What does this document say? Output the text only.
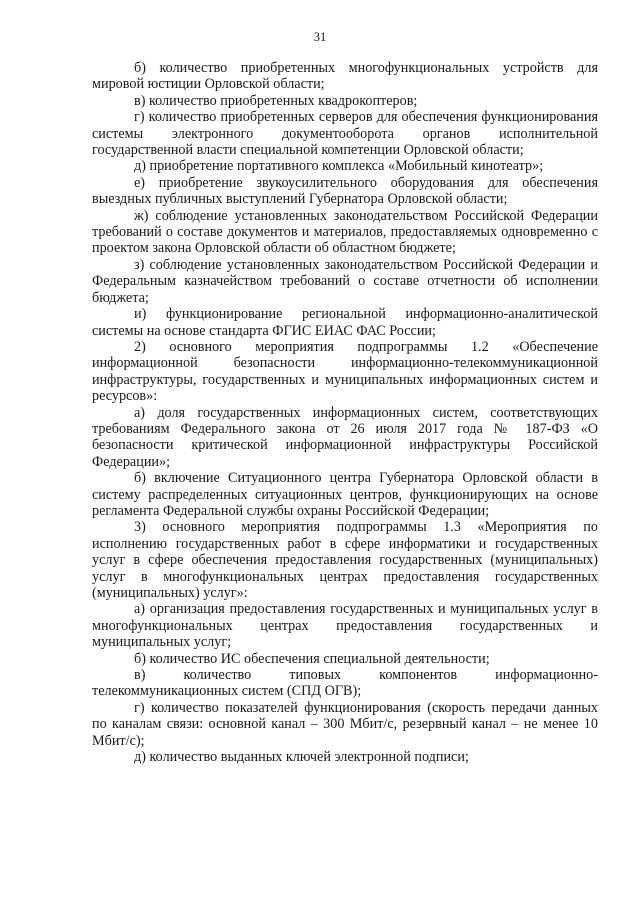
31

б) количество приобретенных многофункциональных устройств для мировой юстиции Орловской области;

в) количество приобретенных квадрокоптеров;

г) количество приобретенных серверов для обеспечения функционирования системы электронного документооборота органов исполнительной государственной власти специальной компетенции Орловской области;

д) приобретение портативного комплекса «Мобильный кинотеатр»;

е) приобретение звукоусилительного оборудования для обеспечения выездных публичных выступлений Губернатора Орловской области;

ж) соблюдение установленных законодательством Российской Федерации требований о составе документов и материалов, предоставляемых одновременно с проектом закона Орловской области об областном бюджете;

з) соблюдение установленных законодательством Российской Федерации и Федеральным казначейством требований о составе отчетности об исполнении бюджета;

и) функционирование региональной информационно-аналитической системы на основе стандарта ФГИС ЕИАС ФАС России;

2) основного мероприятия подпрограммы 1.2 «Обеспечение информационной безопасности информационно-телекоммуникационной инфраструктуры, государственных и муниципальных информационных систем и ресурсов»:

а) доля государственных информационных систем, соответствующих требованиям Федерального закона от 26 июля 2017 года № 187-ФЗ «О безопасности критической информационной инфраструктуры Российской Федерации»;

б) включение Ситуационного центра Губернатора Орловской области в систему распределенных ситуационных центров, функционирующих на основе регламента Федеральной службы охраны Российской Федерации;

3) основного мероприятия подпрограммы 1.3 «Мероприятия по исполнению государственных работ в сфере информатики и государственных услуг в сфере обеспечения предоставления государственных (муниципальных) услуг в многофункциональных центрах предоставления государственных (муниципальных) услуг»:

а) организация предоставления государственных и муниципальных услуг в многофункциональных центрах предоставления государственных и муниципальных услуг;

б) количество ИС обеспечения специальной деятельности;

в) количество типовых компонентов информационно-телекоммуникационных систем (СПД ОГВ);

г) количество показателей функционирования (скорость передачи данных по каналам связи: основной канал – 300 Мбит/с, резервный канал – не менее 10 Мбит/с);

д) количество выданных ключей электронной подписи;
